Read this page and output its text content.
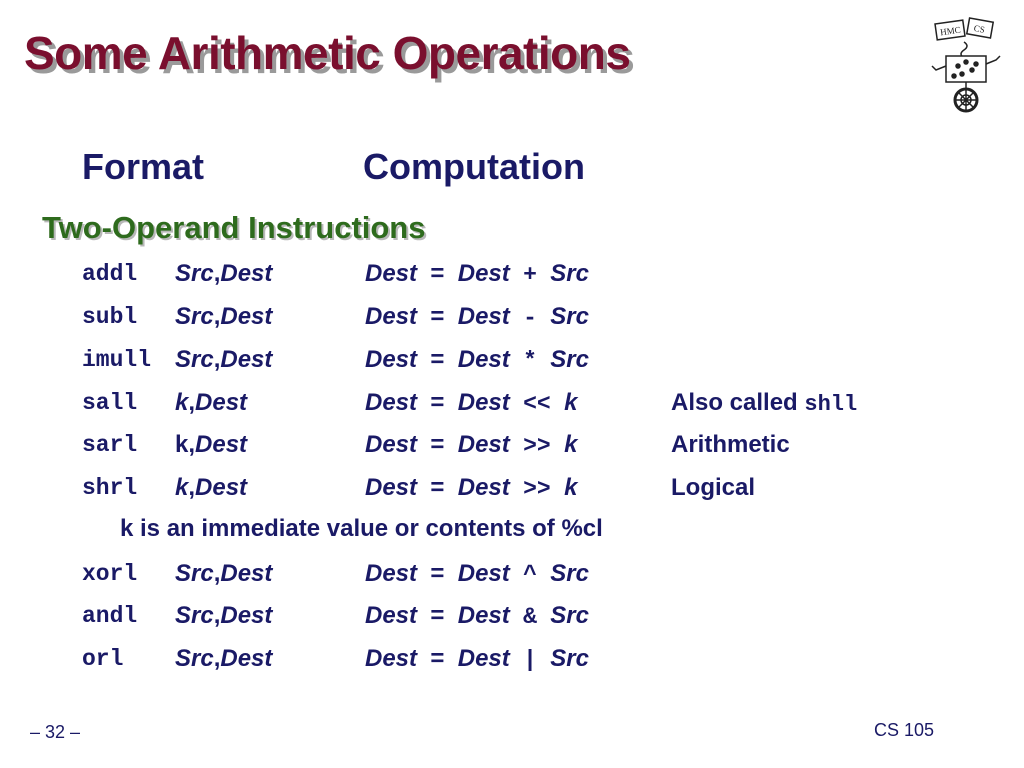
Some Arithmetic Operations	HMC CS
Format	Computation
Two-Operand Instructions
addl Src,Dest	Dest = Dest + Src
subl Src,Dest	Dest = Dest - Src
imull Src,Dest	Dest = Dest * Src
sall k,Dest	Dest = Dest << k	Also called shll
sarl k,Dest	Dest = Dest >> k	Arithmetic
shrl k,Dest	Dest = Dest >> k	Logical
xorl Src,Dest	Dest = Dest ^ Src
andl Src,Dest	Dest = Dest & Src
orl Src,Dest	Dest = Dest | Src
k is an immediate value or contents of %cl
– 32 –	CS 105
